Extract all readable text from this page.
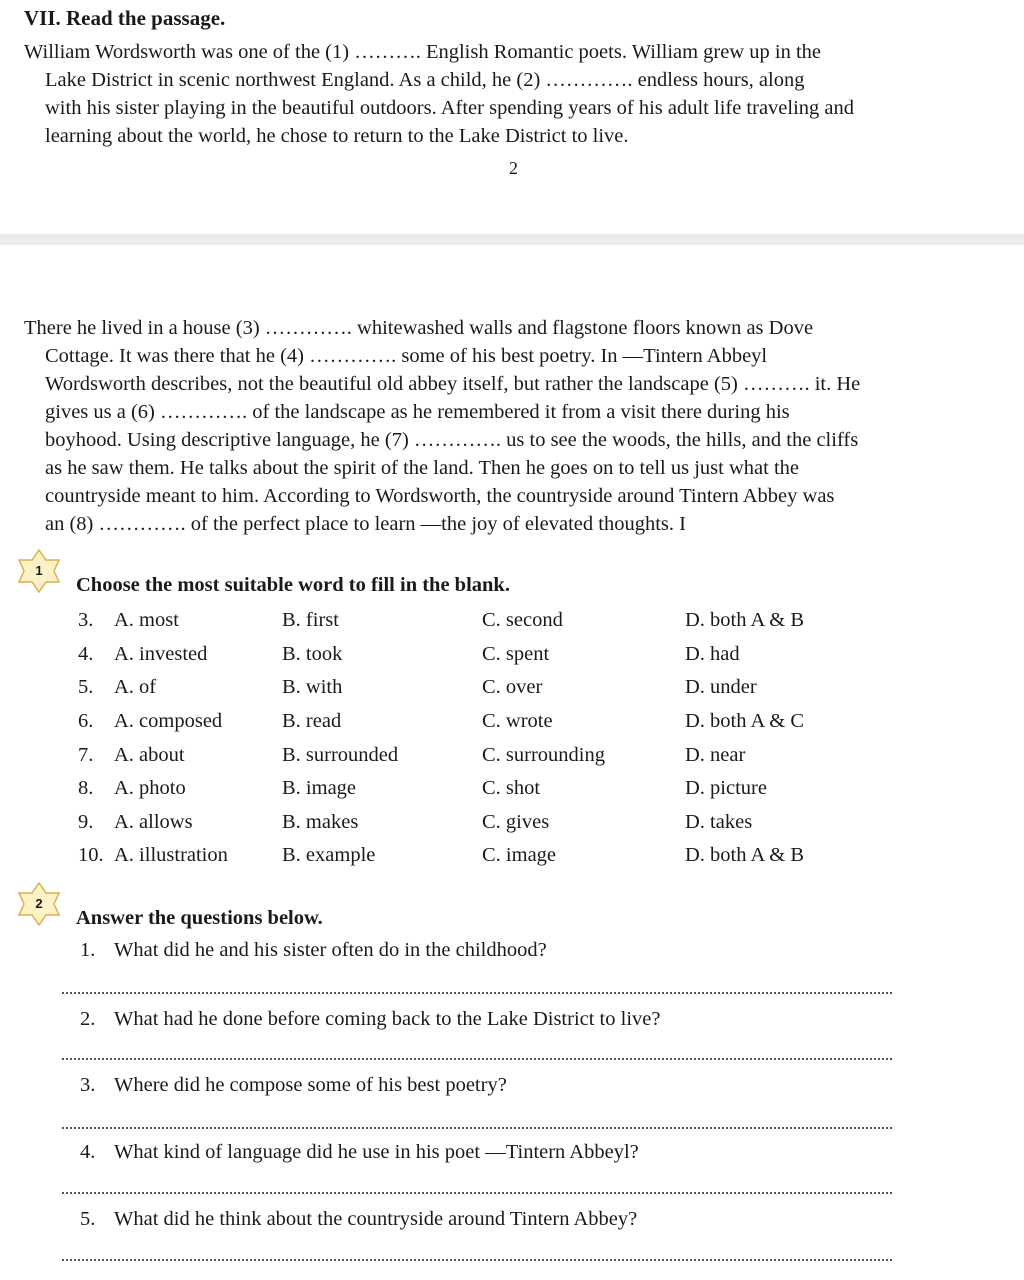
VII. Read the passage.
William Wordsworth was one of the (1) ………. English Romantic poets. William grew up in the
Lake District in scenic northwest England. As a child, he (2) …………. endless hours, along
with his sister playing in the beautiful outdoors. After spending years of his adult life traveling and
learning about the world, he chose to return to the Lake District to live.
2
There he lived in a house (3) …………. whitewashed walls and flagstone floors known as Dove
Cottage. It was there that he (4) …………. some of his best poetry. In —Tintern Abbeyl
Wordsworth describes, not the beautiful old abbey itself, but rather the landscape (5) ………. it. He
gives us a (6) …………. of the landscape as he remembered it from a visit there during his
boyhood. Using descriptive language, he (7) …………. us to see the woods, the hills, and the cliffs
as he saw them. He talks about the spirit of the land. Then he goes on to tell us just what the
countryside meant to him. According to Wordsworth, the countryside around Tintern Abbey was
an (8) …………. of the perfect place to learn —the joy of elevated thoughts. I
1
Choose the most suitable word to fill in the blank.
3.	A. most	B. first	C. second	D. both A & B
4.	A. invested	B. took	C. spent	D. had
5.	A. of	B. with	C. over	D. under
6.	A. composed	B. read	C. wrote	D. both A & C
7.	A. about	B. surrounded	C. surrounding	D. near
8.	A. photo	B. image	C. shot	D. picture
9.	A. allows	B. makes	C. gives	D. takes
10.	A. illustration	B. example	C. image	D. both A & B
2
Answer the questions below.
1. What did he and his sister often do in the childhood?
2. What had he done before coming back to the Lake District to live?
3. Where did he compose some of his best poetry?
4. What kind of language did he use in his poet —Tintern Abbeyl?
5. What did he think about the countryside around Tintern Abbey?
